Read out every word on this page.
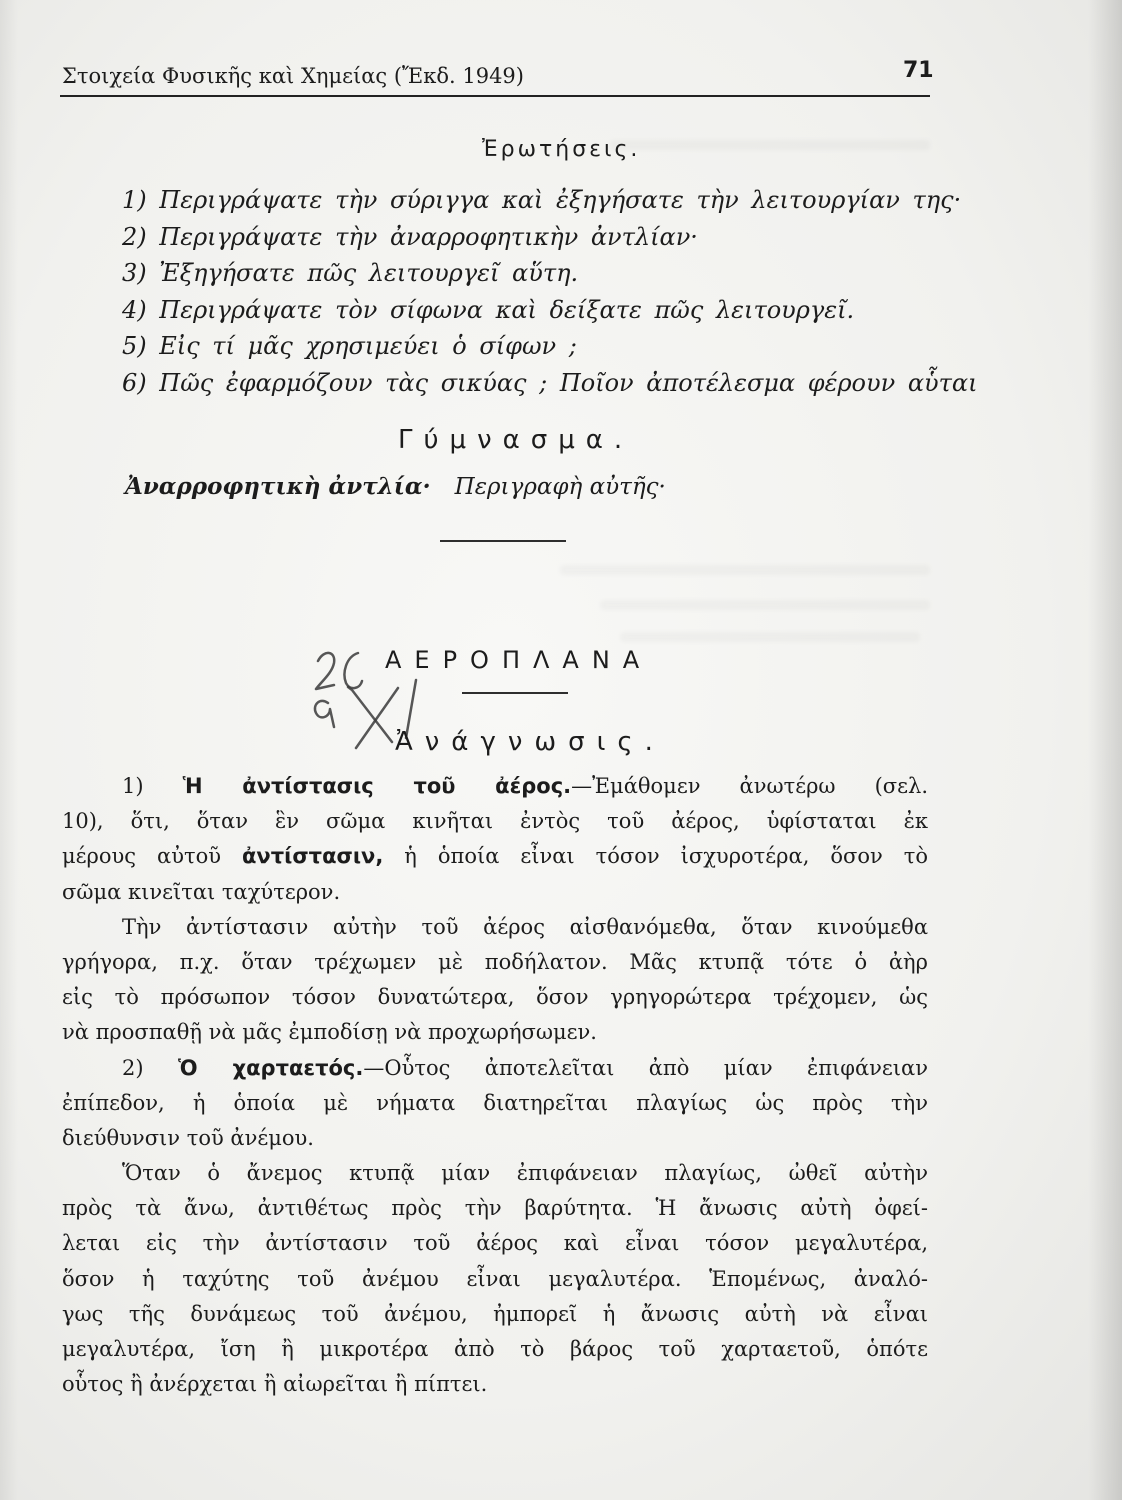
Στοιχεία Φυσικῆς καὶ Χημείας (Ἔκδ. 1949)	71
Ἐρωτήσεις.
1) Περιγράψατε τὴν σύριγγα καὶ ἐξηγήσατε τὴν λειτουργίαν της·
2) Περιγράψατε τὴν ἀναρροφητικὴν ἀντλίαν·
3) Ἐξηγήσατε πῶς λειτουργεῖ αὕτη.
4) Περιγράψατε τὸν σίφωνα καὶ δείξατε πῶς λειτουργεῖ.
5) Εἰς τί μᾶς χρησιμεύει ὁ σίφων ;
6) Πῶς ἐφαρμόζουν τὰς σικύας ; Ποῖον ἀποτέλεσμα φέρουν αὗται
Γύμνασμα.
Ἀναρροφητικὴ ἀντλία· Περιγραφὴ αὐτῆς·
ΑΕΡΟΠΛΑΝΑ
Ἀνάγνωσις.
1) Ἡ ἀντίστασις τοῦ ἀέρος.—Ἐμάθομεν ἀνωτέρω (σελ.
10), ὅτι, ὅταν ἓν σῶμα κινῆται ἐντὸς τοῦ ἀέρος, ὑφίσταται ἐκ
μέρους αὐτοῦ ἀντίστασιν, ἡ ὁποία εἶναι τόσον ἰσχυροτέρα, ὅσον τὸ
σῶμα κινεῖται ταχύτερον.
Τὴν ἀντίστασιν αὐτὴν τοῦ ἀέρος αἰσθανόμεθα, ὅταν κινούμεθα
γρήγορα, π.χ. ὅταν τρέχωμεν μὲ ποδήλατον. Μᾶς κτυπᾷ τότε ὁ ἀὴρ
εἰς τὸ πρόσωπον τόσον δυνατώτερα, ὅσον γρηγορώτερα τρέχομεν, ὡς
νὰ προσπαθῇ νὰ μᾶς ἐμποδίσῃ νὰ προχωρήσωμεν.
2) Ὁ χαρταετός.—Οὗτος ἀποτελεῖται ἀπὸ μίαν ἐπιφάνειαν
ἐπίπεδον, ἡ ὁποία μὲ νήματα διατηρεῖται πλαγίως ὡς πρὸς τὴν
διεύθυνσιν τοῦ ἀνέμου.
Ὅταν ὁ ἄνεμος κτυπᾷ μίαν ἐπιφάνειαν πλαγίως, ὠθεῖ αὐτὴν
πρὸς τὰ ἄνω, ἀντιθέτως πρὸς τὴν βαρύτητα. Ἡ ἄνωσις αὐτὴ ὀφεί-
λεται εἰς τὴν ἀντίστασιν τοῦ ἀέρος καὶ εἶναι τόσον μεγαλυτέρα,
ὅσον ἡ ταχύτης τοῦ ἀνέμου εἶναι μεγαλυτέρα. Ἑπομένως, ἀναλό-
γως τῆς δυνάμεως τοῦ ἀνέμου, ἠμπορεῖ ἡ ἄνωσις αὐτὴ νὰ εἶναι
μεγαλυτέρα, ἴση ἢ μικροτέρα ἀπὸ τὸ βάρος τοῦ χαρταετοῦ, ὁπότε
οὗτος ἢ ἀνέρχεται ἢ αἰωρεῖται ἢ πίπτει.
